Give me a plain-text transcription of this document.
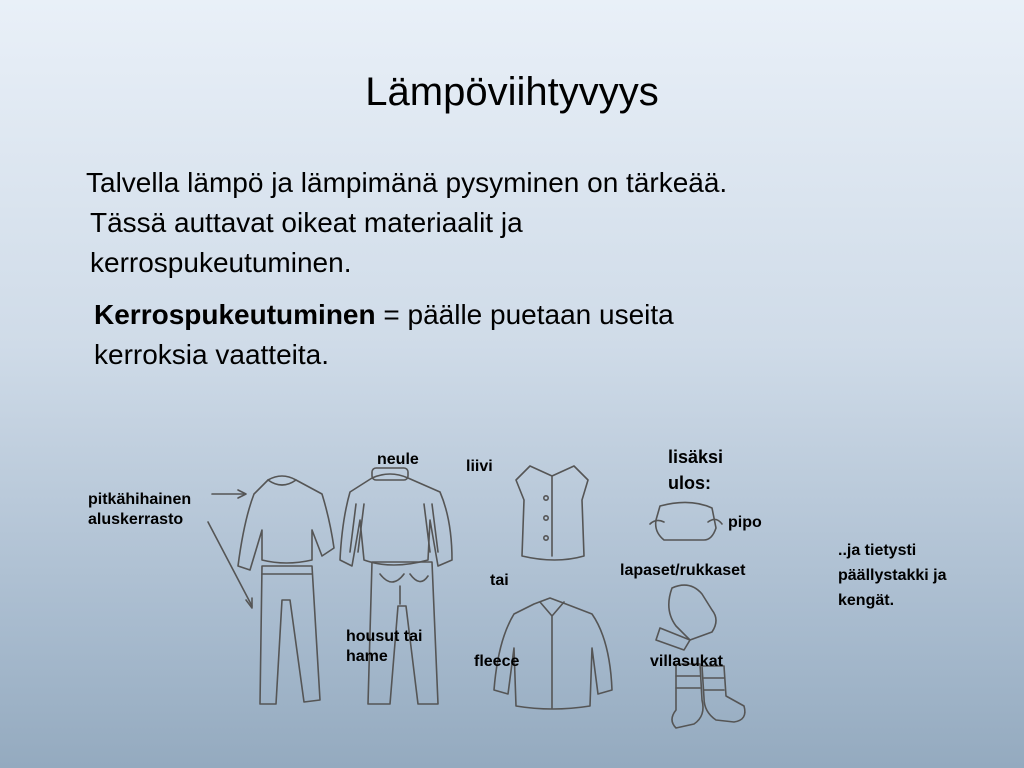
Lämpöviihtyvyys

Talvella lämpö ja lämpimänä pysyminen on tärkeää.
Tässä auttavat oikeat materiaalit ja
kerrospukeutuminen.

Kerrospukeutuminen = päälle puetaan useita
kerroksia vaatteita.

pitkähihainen
aluskerrasto
neule	liivi
tai
fleece
housut tai
hame
lisäksi
ulos:
pipo
lapaset/rukkaset
villasukat
..ja tietysti
päällystakki ja
kengät.
